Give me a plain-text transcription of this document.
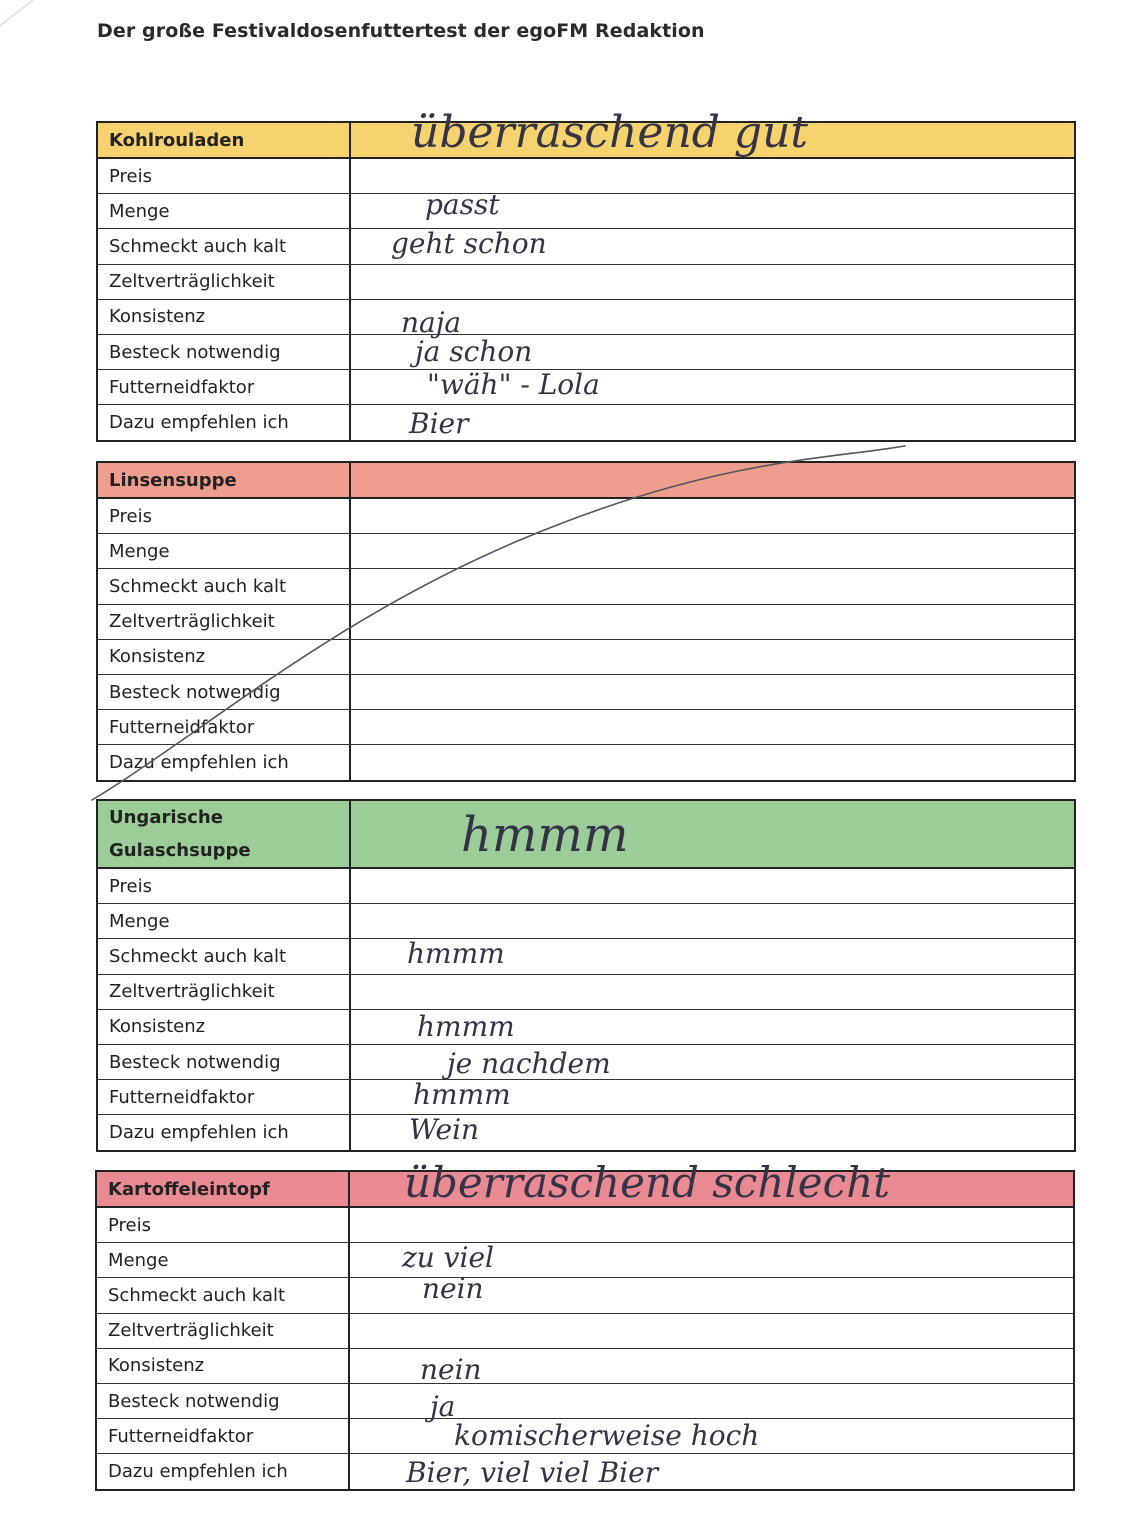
Der große Festivaldosenfuttertest der egoFM Redaktion
Kohlrouladen	überraschend gut
Preis
Menge	passt
Schmeckt auch kalt	geht schon
Zeltverträglichkeit
Konsistenz	naja
Besteck notwendig	ja schon
Futterneidfaktor	"wäh" - Lola
Dazu empfehlen ich	Bier
Linsensuppe
Preis
Menge
Schmeckt auch kalt
Zeltverträglichkeit
Konsistenz
Besteck notwendig
Futterneidfaktor
Dazu empfehlen ich
Ungarische
Gulaschsuppe	hmmm
Preis
Menge
Schmeckt auch kalt	hmmm
Zeltverträglichkeit
Konsistenz	hmmm
Besteck notwendig	je nachdem
Futterneidfaktor	hmmm
Dazu empfehlen ich	Wein
Kartoffeleintopf	überraschend schlecht
Preis
Menge	zu viel
Schmeckt auch kalt	nein
Zeltverträglichkeit
Konsistenz	nein
Besteck notwendig	ja
Futterneidfaktor	komischerweise hoch
Dazu empfehlen ich	Bier, viel viel Bier
